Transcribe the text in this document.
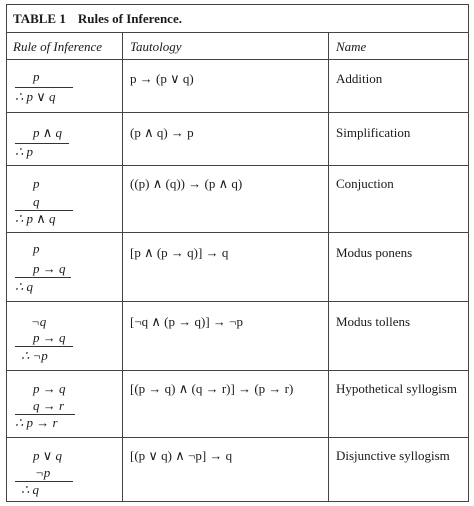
TABLE 1 Rules of Inference.
Rule of Inference Tautology	Name
p
∴ p ∨ q
p → (p ∨ q)	Addition
p ∧ q
∴ p
(p ∧ q) → p	Simplification
p
q
∴ p ∧ q
((p) ∧ (q)) → (p ∧ q)	Conjuction
p
p → q
∴ q
[p ∧ (p → q)] → q	Modus ponens
¬q
p → q
∴ ¬p
[¬q ∧ (p → q)] → ¬p	Modus tollens
p → q
q → r
∴ p → r
[(p → q) ∧ (q → r)] → (p → r)	Hypothetical syllogism
p ∨ q
¬p
∴ q
[(p ∨ q) ∧ ¬p] → q	Disjunctive syllogism
